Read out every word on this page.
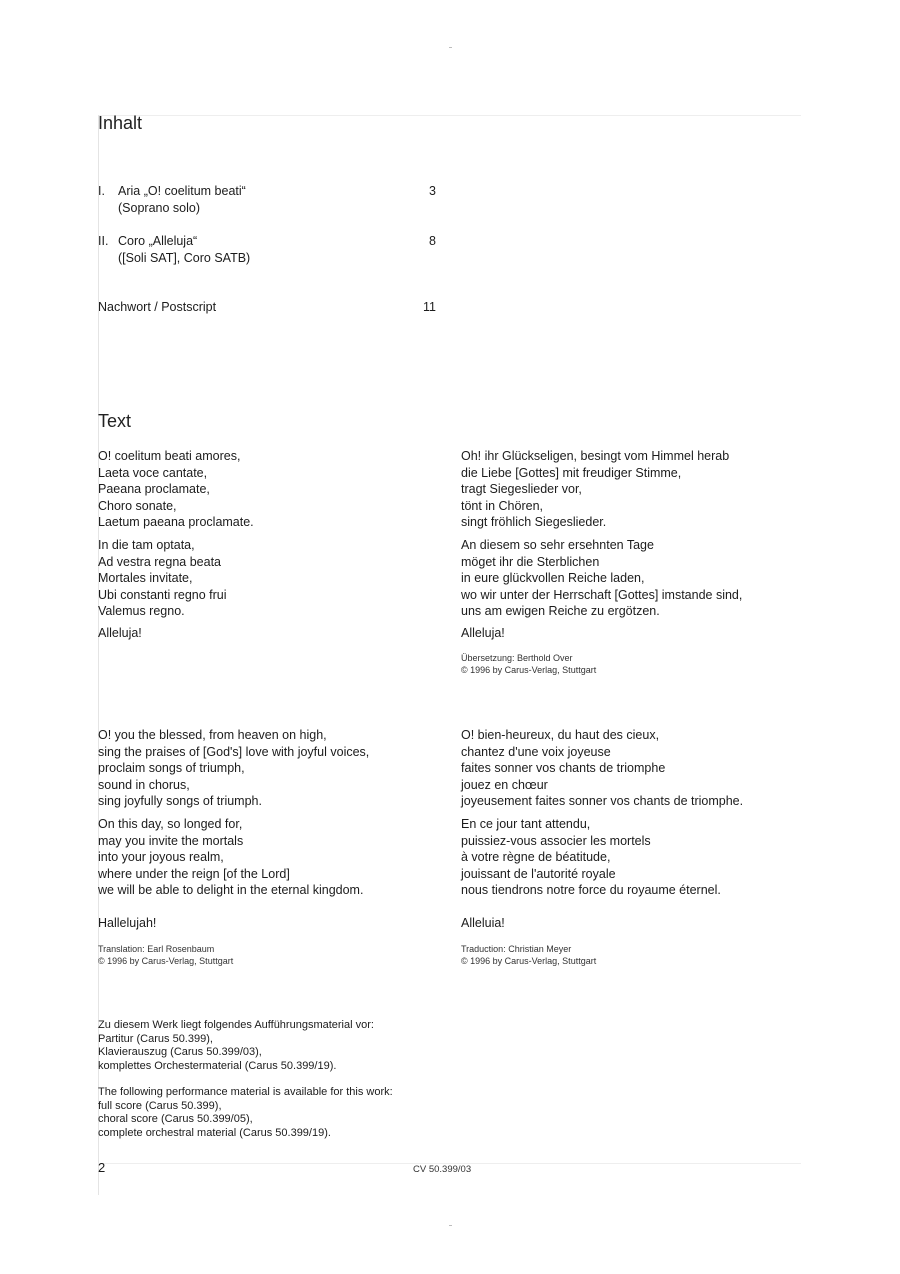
Inhalt
I. Aria „O! coelitum beati“
(Soprano solo)
3
II. Coro „Alleluja“
([Soli SAT], Coro SATB)
8
Nachwort / Postscript	11
Text
O! coelitum beati amores,
Laeta voce cantate,
Paeana proclamate,
Choro sonate,
Laetum paeana proclamate.
In die tam optata,
Ad vestra regna beata
Mortales invitate,
Ubi constanti regno frui
Valemus regno.
Alleluja!
Oh! ihr Glückseligen, besingt vom Himmel herab
die Liebe [Gottes] mit freudiger Stimme,
tragt Siegeslieder vor,
tönt in Chören,
singt fröhlich Siegeslieder.
An diesem so sehr ersehnten Tage
möget ihr die Sterblichen
in eure glückvollen Reiche laden,
wo wir unter der Herrschaft [Gottes] imstande sind,
uns am ewigen Reiche zu ergötzen.
Alleluja!
Übersetzung: Berthold Over
© 1996 by Carus-Verlag, Stuttgart
O! you the blessed, from heaven on high,
sing the praises of [God's] love with joyful voices,
proclaim songs of triumph,
sound in chorus,
sing joyfully songs of triumph.
On this day, so longed for,
may you invite the mortals
into your joyous realm,
where under the reign [of the Lord]
we will be able to delight in the eternal kingdom.
Hallelujah!
Translation: Earl Rosenbaum
© 1996 by Carus-Verlag, Stuttgart
O! bien-heureux, du haut des cieux,
chantez d'une voix joyeuse
faites sonner vos chants de triomphe
jouez en chœur
joyeusement faites sonner vos chants de triomphe.
En ce jour tant attendu,
puissiez-vous associer les mortels
à votre règne de béatitude,
jouissant de l'autorité royale
nous tiendrons notre force du royaume éternel.
Alleluia!
Traduction: Christian Meyer
© 1996 by Carus-Verlag, Stuttgart
Zu diesem Werk liegt folgendes Aufführungsmaterial vor:
Partitur (Carus 50.399),
Klavierauszug (Carus 50.399/03),
komplettes Orchestermaterial (Carus 50.399/19).
The following performance material is available for this work:
full score (Carus 50.399),
choral score (Carus 50.399/05),
complete orchestral material (Carus 50.399/19).
2	CV 50.399/03
